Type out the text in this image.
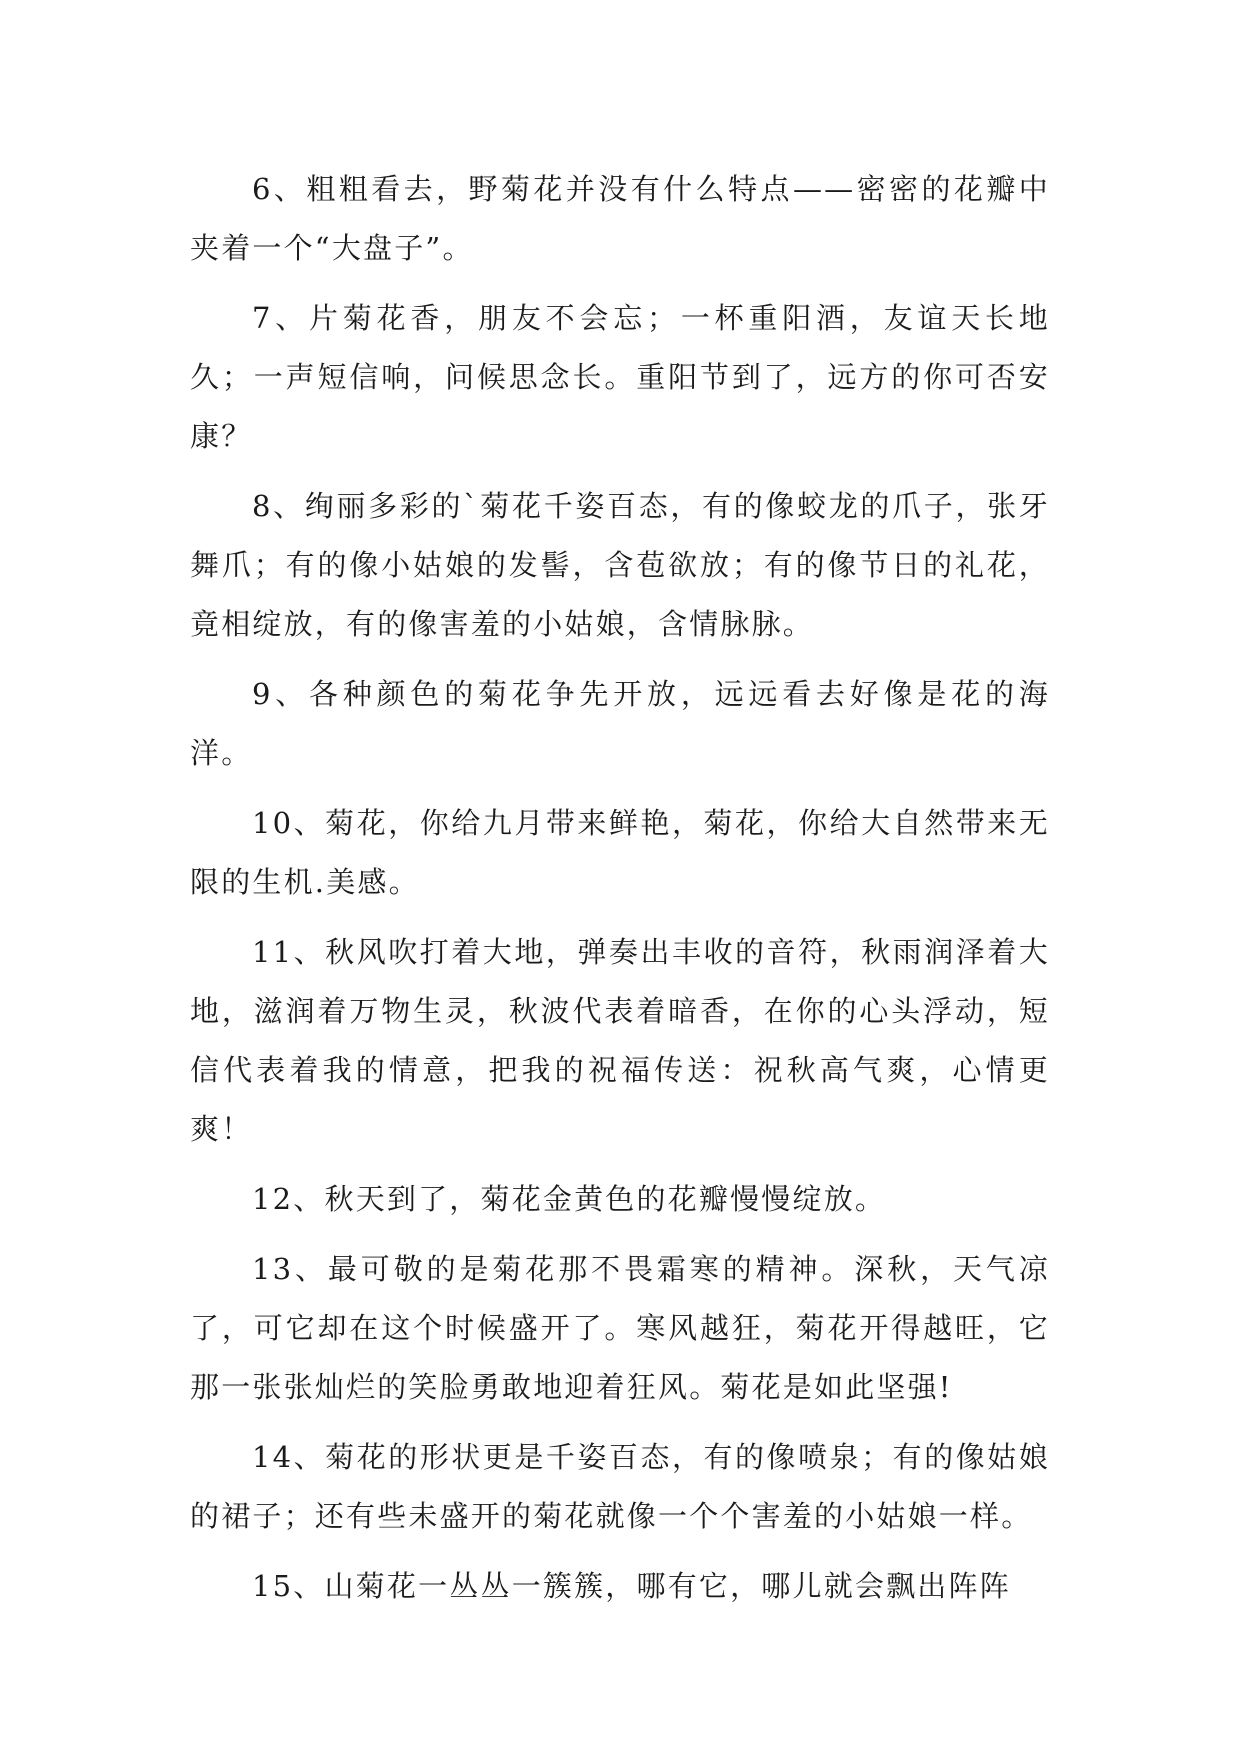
6、粗粗看去，野菊花并没有什么特点——密密的花瓣中夹着一个“大盘子”。

7、片菊花香，朋友不会忘；一杯重阳酒，友谊天长地久；一声短信响，问候思念长。重阳节到了，远方的你可否安康？

8、绚丽多彩的`菊花千姿百态，有的像蛟龙的爪子，张牙舞爪；有的像小姑娘的发髻，含苞欲放；有的像节日的礼花，竟相绽放，有的像害羞的小姑娘，含情脉脉。

9、各种颜色的菊花争先开放，远远看去好像是花的海洋。

10、菊花，你给九月带来鲜艳，菊花，你给大自然带来无限的生机.美感。

11、秋风吹打着大地，弹奏出丰收的音符，秋雨润泽着大地，滋润着万物生灵，秋波代表着暗香，在你的心头浮动，短信代表着我的情意，把我的祝福传送：祝秋高气爽，心情更爽！

12、秋天到了，菊花金黄色的花瓣慢慢绽放。

13、最可敬的是菊花那不畏霜寒的精神。深秋，天气凉了，可它却在这个时候盛开了。寒风越狂，菊花开得越旺，它那一张张灿烂的笑脸勇敢地迎着狂风。菊花是如此坚强!

14、菊花的形状更是千姿百态，有的像喷泉；有的像姑娘的裙子；还有些未盛开的菊花就像一个个害羞的小姑娘一样。

15、山菊花一丛丛一簇簇，哪有它，哪儿就会飘出阵阵
